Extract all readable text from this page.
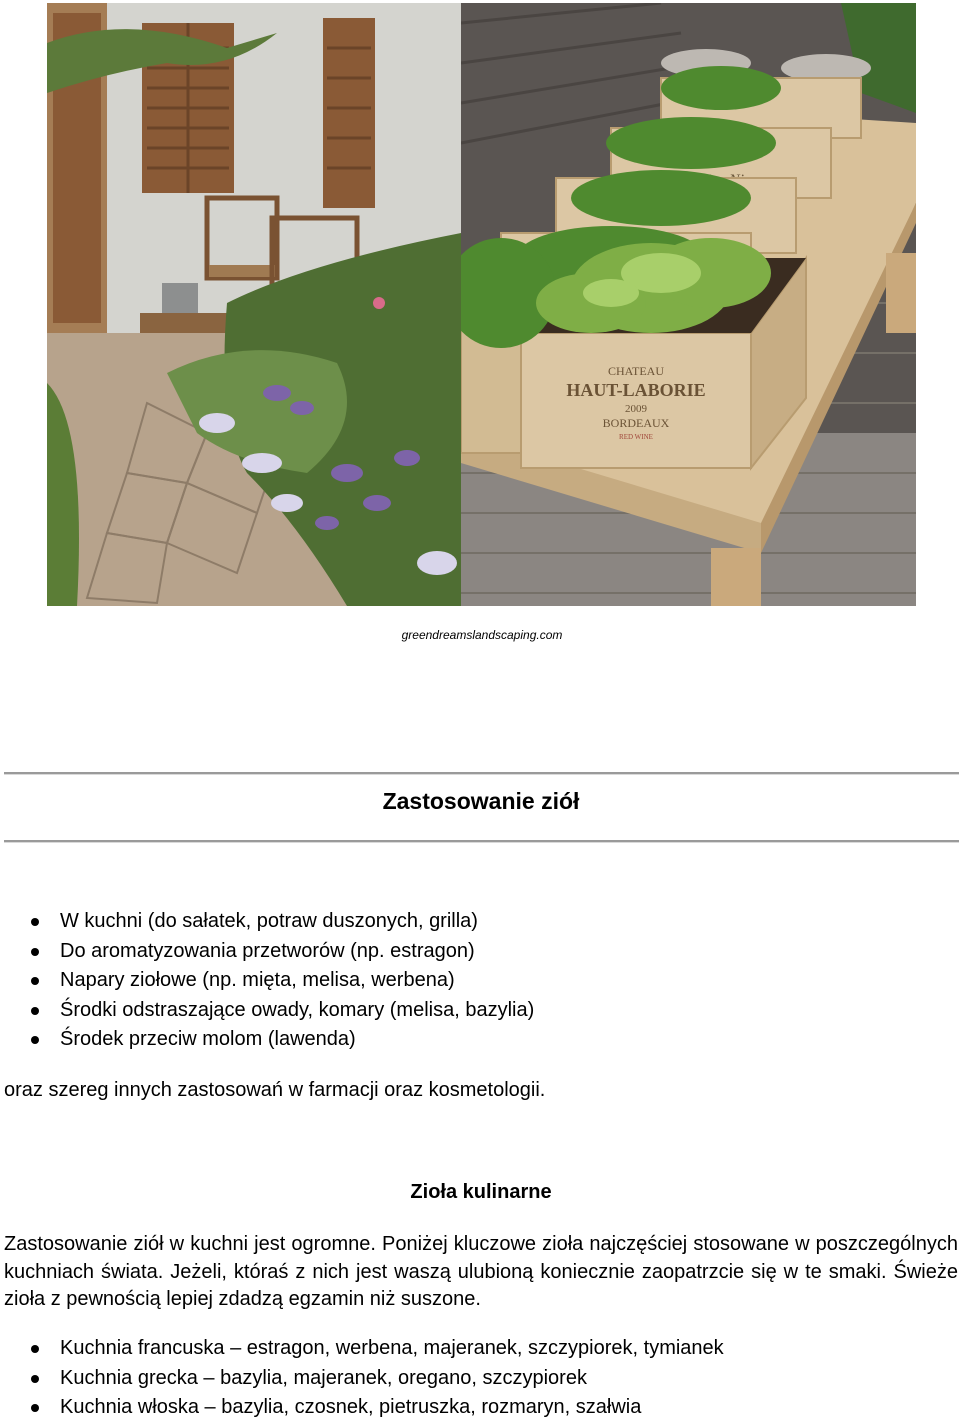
CHATEAU
HAUT-LABORIE
2009
BORDEAUX
RED WINE
greendreamslandscaping.com
Zastosowanie ziół
W kuchni (do sałatek, potraw duszonych, grilla)
Do aromatyzowania przetworów (np. estragon)
Napary ziołowe (np. mięta, melisa, werbena)
Środki odstraszające owady, komary (melisa, bazylia)
Środek przeciw molom (lawenda)

oraz szereg innych zastosowań w farmacji oraz kosmetologii.

Zioła kulinarne

Zastosowanie ziół w kuchni jest ogromne. Poniżej kluczowe zioła najczęściej stosowane w poszczególnych kuchniach świata. Jeżeli, któraś z nich jest waszą ulubioną koniecznie zaopatrzcie się w te smaki. Świeże zioła z pewnością lepiej zdadzą egzamin niż suszone.

Kuchnia francuska – estragon, werbena, majeranek, szczypiorek, tymianek
Kuchnia grecka – bazylia, majeranek, oregano, szczypiorek
Kuchnia włoska – bazylia, czosnek, pietruszka, rozmaryn, szałwia
